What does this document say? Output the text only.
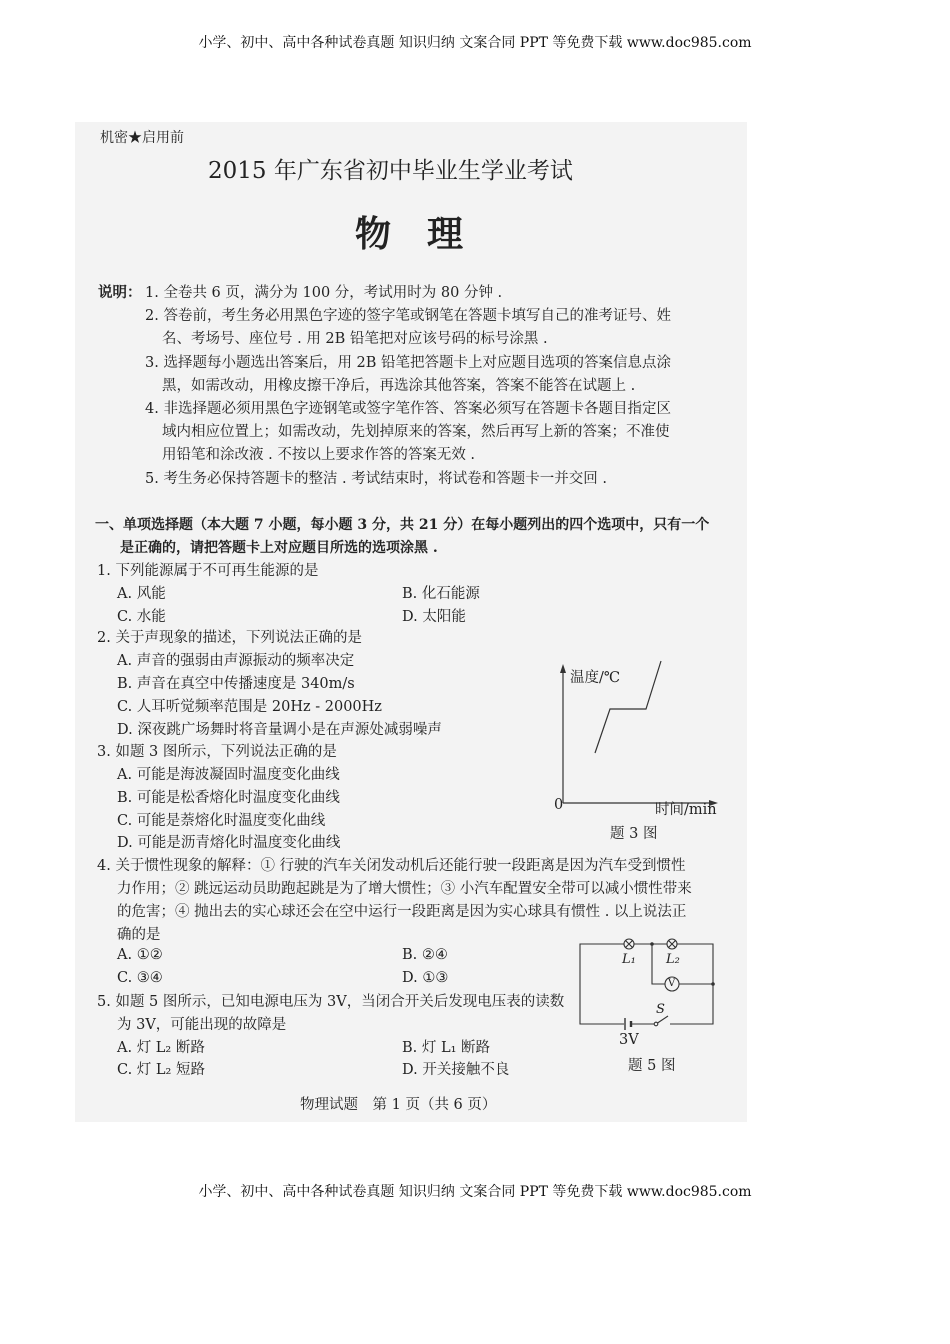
小学、初中、高中各种试卷真题 知识归纳 文案合同 PPT 等免费下载 www.doc985.com
机密★启用前
2015 年广东省初中毕业生学业考试
物　理
说明： 1. 全卷共 6 页，满分为 100 分，考试用时为 80 分钟 .
2. 答卷前，考生务必用黑色字迹的签字笔或钢笔在答题卡填写自己的准考证号、姓
名、考场号、座位号 . 用 2B 铅笔把对应该号码的标号涂黑 .
3. 选择题每小题选出答案后，用 2B 铅笔把答题卡上对应题目选项的答案信息点涂
黑，如需改动，用橡皮擦干净后，再选涂其他答案，答案不能答在试题上 .
4. 非选择题必须用黑色字迹钢笔或签字笔作答、答案必须写在答题卡各题目指定区
域内相应位置上；如需改动，先划掉原来的答案，然后再写上新的答案；不准使
用铅笔和涂改液 . 不按以上要求作答的答案无效 .
5. 考生务必保持答题卡的整洁 . 考试结束时，将试卷和答题卡一并交回 .
一、单项选择题（本大题 7 小题，每小题 3 分，共 21 分）在每小题列出的四个选项中，只有一个
是正确的，请把答题卡上对应题目所选的选项涂黑 .
1. 下列能源属于不可再生能源的是
A. 风能	B. 化石能源
C. 水能	D. 太阳能
2. 关于声现象的描述，下列说法正确的是
A. 声音的强弱由声源振动的频率决定
B. 声音在真空中传播速度是 340m/s
C. 人耳听觉频率范围是 20Hz - 2000Hz
D. 深夜跳广场舞时将音量调小是在声源处减弱噪声
3. 如题 3 图所示，下列说法正确的是
A. 可能是海波凝固时温度变化曲线
B. 可能是松香熔化时温度变化曲线
C. 可能是萘熔化时温度变化曲线
D. 可能是沥青熔化时温度变化曲线
温度/℃
0	时间/min
题 3 图
4. 关于惯性现象的解释：① 行驶的汽车关闭发动机后还能行驶一段距离是因为汽车受到惯性
力作用；② 跳远运动员助跑起跳是为了增大惯性；③ 小汽车配置安全带可以减小惯性带来
的危害；④ 抛出去的实心球还会在空中运行一段距离是因为实心球具有惯性 . 以上说法正
确的是
A. ①②	B. ②④
C. ③④	D. ①③
5. 如题 5 图所示，已知电源电压为 3V，当闭合开关后发现电压表的读数
为 3V，可能出现的故障是
A. 灯 L₂ 断路	B. 灯 L₁ 断路
C. 灯 L₂ 短路	D. 开关接触不良
L₁ L₂
V
S
3V
题 5 图
物理试题　第 1 页（共 6 页）
小学、初中、高中各种试卷真题 知识归纳 文案合同 PPT 等免费下载 www.doc985.com
